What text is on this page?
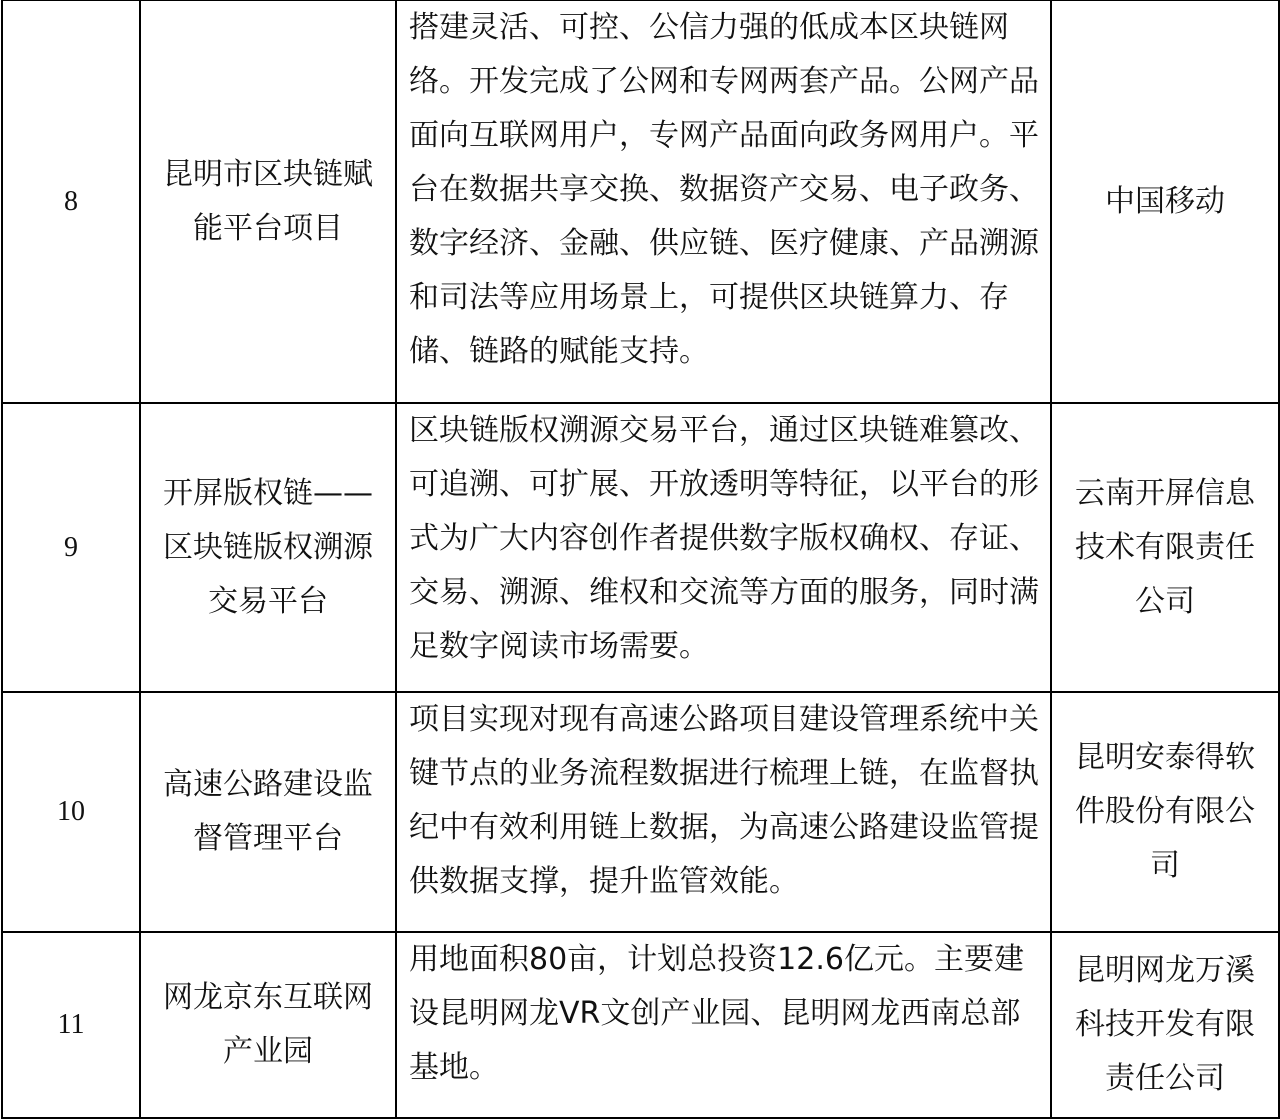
8	昆明市区块链赋能平台项目	搭建灵活、可控、公信力强的低成本区块链网络。开发完成了公网和专网两套产品。公网产品面向互联网用户，专网产品面向政务网用户。平台在数据共享交换、数据资产交易、电子政务、数字经济、金融、供应链、医疗健康、产品溯源和司法等应用场景上，可提供区块链算力、存储、链路的赋能支持。	中国移动
9	开屏版权链——区块链版权溯源交易平台	区块链版权溯源交易平台，通过区块链难篡改、可追溯、可扩展、开放透明等特征，以平台的形式为广大内容创作者提供数字版权确权、存证、交易、溯源、维权和交流等方面的服务，同时满足数字阅读市场需要。	云南开屏信息技术有限责任公司
10	高速公路建设监督管理平台	项目实现对现有高速公路项目建设管理系统中关键节点的业务流程数据进行梳理上链，在监督执纪中有效利用链上数据，为高速公路建设监管提供数据支撑，提升监管效能。	昆明安泰得软件股份有限公司
11	网龙京东互联网产业园	用地面积80亩，计划总投资12.6亿元。主要建设昆明网龙VR文创产业园、昆明网龙西南总部基地。	昆明网龙万溪科技开发有限责任公司
